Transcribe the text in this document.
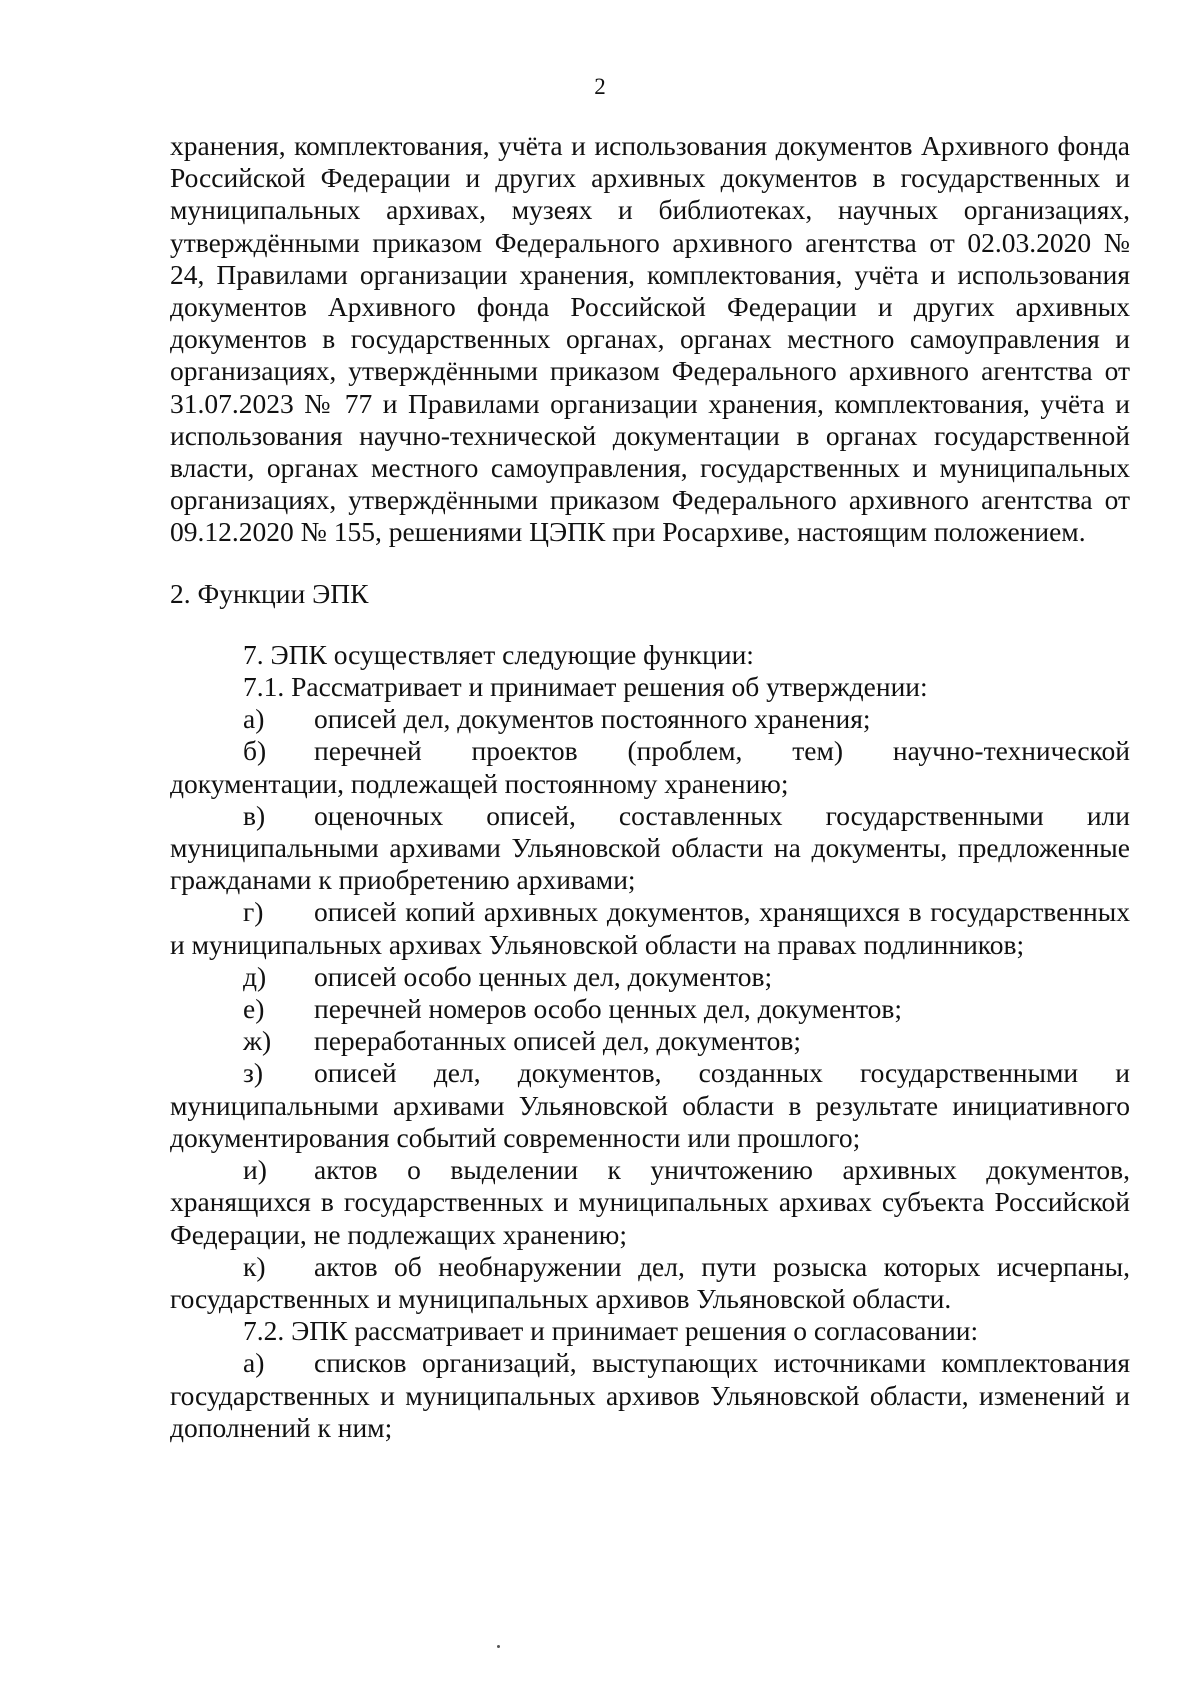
2

хранения, комплектования, учёта и использования документов Архивного фонда Российской Федерации и других архивных документов в государственных и муниципальных архивах, музеях и библиотеках, научных организациях, утверждёнными приказом Федерального архивного агентства от 02.03.2020 № 24, Правилами организации хранения, комплектования, учёта и использования документов Архивного фонда Российской Федерации и других архивных документов в государственных органах, органах местного самоуправления и организациях, утверждёнными приказом Федерального архивного агентства от 31.07.2023 № 77 и Правилами организации хранения, комплектования, учёта и использования научно-технической документации в органах государственной власти, органах местного самоуправления, государственных и муниципальных организациях, утверждёнными приказом Федерального архивного агентства от 09.12.2020 № 155, решениями ЦЭПК при Росархиве, настоящим положением.

2. Функции ЭПК

7. ЭПК осуществляет следующие функции:

7.1. Рассматривает и принимает решения об утверждении:

а) описей дел, документов постоянного хранения;

б) перечней проектов (проблем, тем) научно-технической документации, подлежащей постоянному хранению;

в) оценочных описей, составленных государственными или муниципальными архивами Ульяновской области на документы, предложенные гражданами к приобретению архивами;

г) описей копий архивных документов, хранящихся в государственных и муниципальных архивах Ульяновской области на правах подлинников;

д) описей особо ценных дел, документов;

е) перечней номеров особо ценных дел, документов;

ж) переработанных описей дел, документов;

з) описей дел, документов, созданных государственными и муниципальными архивами Ульяновской области в результате инициативного документирования событий современности или прошлого;

и) актов о выделении к уничтожению архивных документов, хранящихся в государственных и муниципальных архивах субъекта Российской Федерации, не подлежащих хранению;

к) актов об необнаружении дел, пути розыска которых исчерпаны, государственных и муниципальных архивов Ульяновской области.

7.2. ЭПК рассматривает и принимает решения о согласовании:

а) списков организаций, выступающих источниками комплектования государственных и муниципальных архивов Ульяновской области, изменений и дополнений к ним;
